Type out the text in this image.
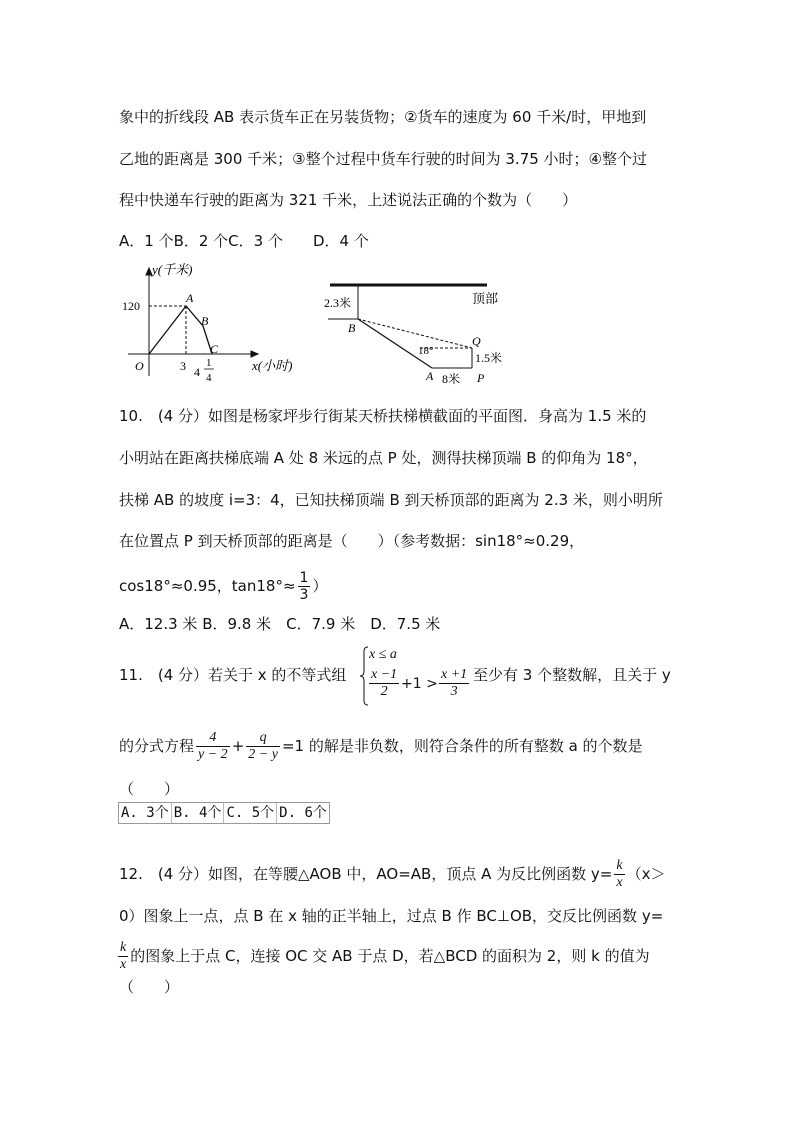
象中的折线段 AB 表示货车正在另装货物；②货车的速度为 60 千米/时，甲地到
乙地的距离是 300 千米；③整个过程中货车行驶的时间为 3.75 小时；④整个过
程中快递车行驶的距离为 321 千米，上述说法正确的个数为（　　）
A．1 个B．2 个C．3 个　　D．4 个
y(千米)
120
A
B
C
O	3 4
1
4
x(小时)
2.3米	顶部
B
Q
18°	1.5米
A 8米 P
10.　(4 分）如图是杨家坪步行街某天桥扶梯横截面的平面图．身高为 1.5 米的
小明站在距离扶梯底端 A 处 8 米远的点 P 处，测得扶梯顶端 B 的仰角为 18°，
扶梯 AB 的坡度 i=3：4，已知扶梯顶端 B 到天桥顶部的距离为 2.3 米，则小明所
在位置点 P 到天桥顶部的距离是（　　）（参考数据：sin18°≈0.29，
cos18°≈0.95，$\tan 18^\circ\approx \frac{1}{3}$ ）
A．12.3 米 B．9.8 米　C．7.9 米　D．7.5 米
11.　(4 分）若关于 x 的不等式组
x ≤ a
$\frac{x -1}{2} +1 > \frac{x +1}{3}$ 至少有 3 个整数解，且关于 y
的分式方程 $\frac{4}{y - 2} + \frac{q}{2 - y} =1$ 的解是非负数，则符合条件的所有整数 a 的个数是
（　　）
A. 3个 B. 4个 C. 5个 D. 6个
12.　(4 分）如图，在等腰△AOB 中，AO=AB，顶点 A 为反比例函数 $y= \frac{k}{x} (x>$
0）图象上一点，点 B 在 x 轴的正半轴上，过点 B 作 BC⊥OB，交反比例函数 y=
$\frac{k}{x}$ 的图象上于点 C，连接 OC 交 AB 于点 D，若△BCD 的面积为 2，则 k 的值为
（　　）
